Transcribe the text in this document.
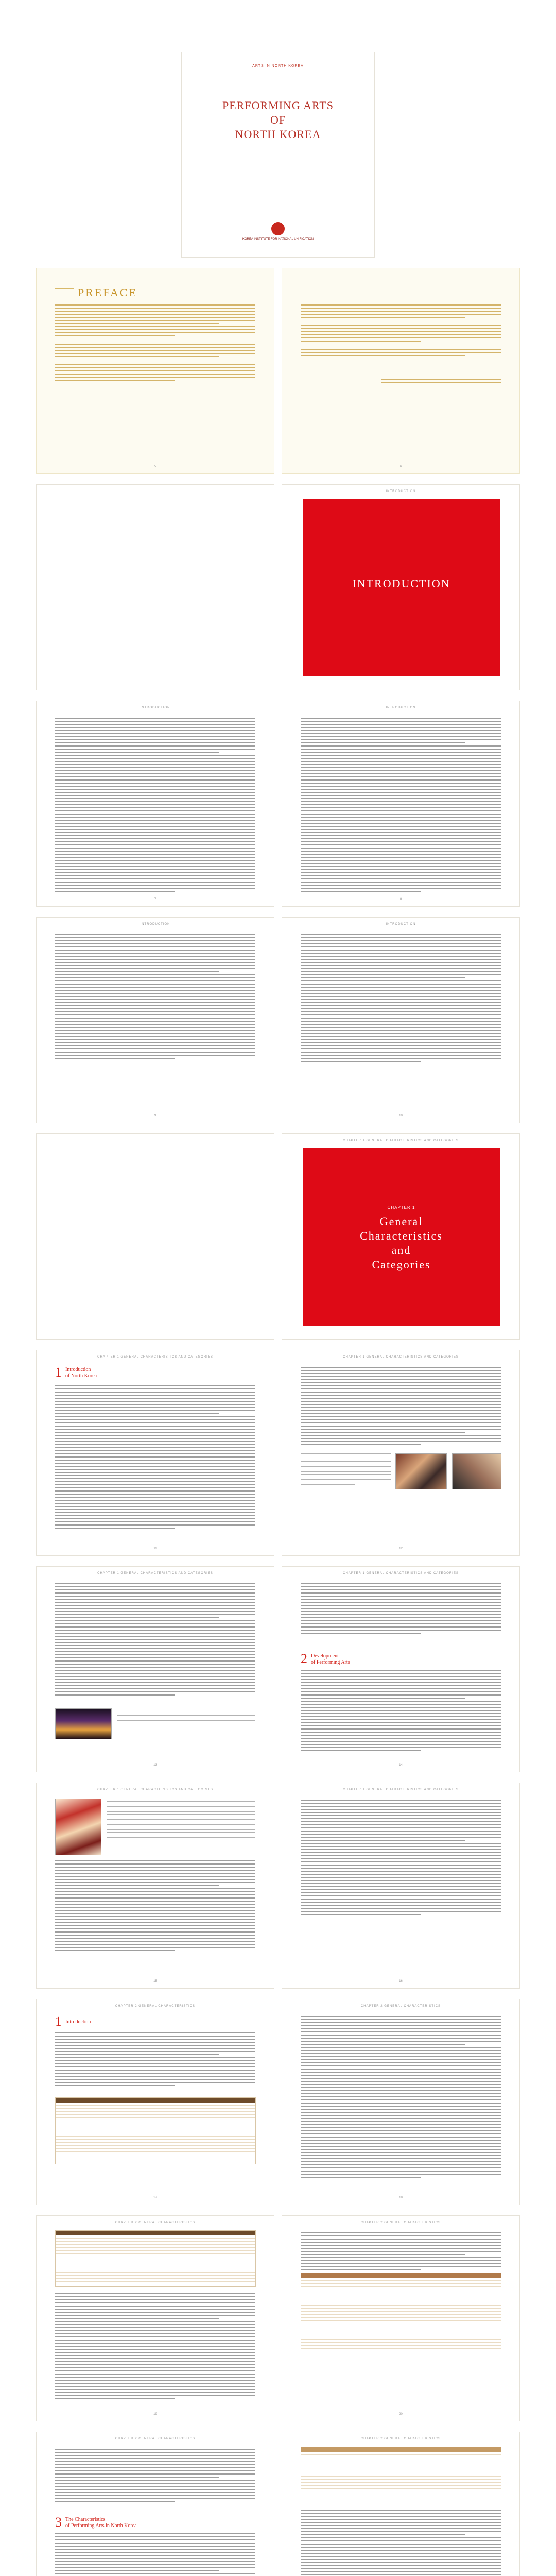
ARTS IN NORTH KOREA
PERFORMING ARTS
OF
NORTH KOREA
KOREA INSTITUTE FOR NATIONAL UNIFICATION
PREFACE
5	6
INTRODUCTION
INTRODUCTION
INTRODUCTION
7
INTRODUCTION
8
INTRODUCTION
9
INTRODUCTION
10
CHAPTER 1 GENERAL CHARACTERISTICS AND CATEGORIES
CHAPTER 1
General
Characteristics
and
Categories
CHAPTER 1 GENERAL CHARACTERISTICS AND CATEGORIES
1 Introduction
of North Korea
11
CHAPTER 1 GENERAL CHARACTERISTICS AND CATEGORIES
12
CHAPTER 1 GENERAL CHARACTERISTICS AND CATEGORIES
13
CHAPTER 1 GENERAL CHARACTERISTICS AND CATEGORIES
2 Development
of Performing Arts
14
CHAPTER 1 GENERAL CHARACTERISTICS AND CATEGORIES
15
CHAPTER 1 GENERAL CHARACTERISTICS AND CATEGORIES
16
CHAPTER 2 GENERAL CHARACTERISTICS
1 Introduction
17
CHAPTER 2 GENERAL CHARACTERISTICS
18
CHAPTER 2 GENERAL CHARACTERISTICS
19
CHAPTER 2 GENERAL CHARACTERISTICS
20
CHAPTER 2 GENERAL CHARACTERISTICS
3 The Characteristics
of Performing Arts in North Korea
CHAPTER 2 GENERAL CHARACTERISTICS
